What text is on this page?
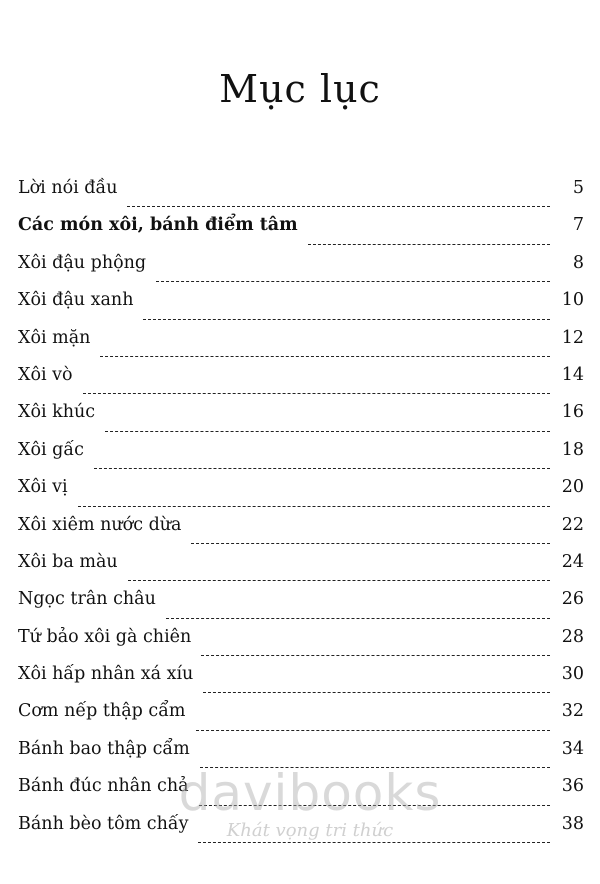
Mục lục
Lời nói đầu	5
Các món xôi, bánh điểm tâm	7
Xôi đậu phộng	8
Xôi đậu xanh	10
Xôi mặn	12
Xôi vò	14
Xôi khúc	16
Xôi gấc	18
Xôi vị	20
Xôi xiêm nước dừa	22
Xôi ba màu	24
Ngọc trân châu	26
Tứ bảo xôi gà chiên	28
Xôi hấp nhân xá xíu	30
Cơm nếp thập cẩm	32
Bánh bao thập cẩm	34
Bánh đúc nhân chả	36
Bánh bèo tôm chấy	38
davibooks
Khát vọng tri thức
